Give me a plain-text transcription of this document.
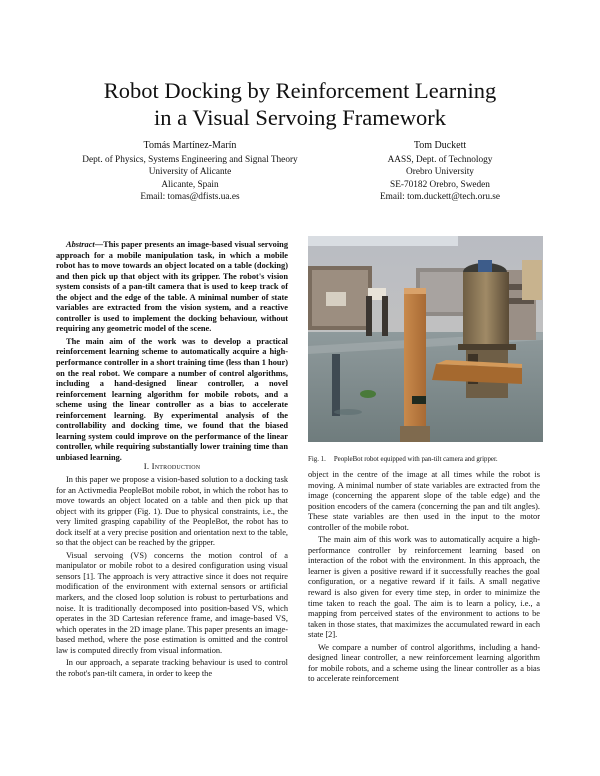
Robot Docking by Reinforcement Learning
in a Visual Servoing Framework
Tomás Martínez-Marín
Dept. of Physics, Systems Engineering and Signal Theory
University of Alicante
Alicante, Spain
Email: tomas@dfists.ua.es
Tom Duckett
AASS, Dept. of Technology
Orebro University
SE-70182 Orebro, Sweden
Email: tom.duckett@tech.oru.se

Abstract—This paper presents an image-based visual servoing approach for a mobile manipulation task, in which a mobile robot has to move towards an object located on a table (docking) and then pick up that object with its gripper. The robot's vision system consists of a pan-tilt camera that is used to keep track of the object and the edge of the table. A minimal number of state variables are extracted from the vision system, and a reactive controller is used to implement the docking behaviour, without requiring any geometric model of the scene.

The main aim of the work was to develop a practical reinforcement learning scheme to automatically acquire a high-performance controller in a short training time (less than 1 hour) on the real robot. We compare a number of control algorithms, including a hand-designed linear controller, a novel reinforcement learning algorithm for mobile robots, and a scheme using the linear controller as a bias to accelerate reinforcement learning. By experimental analysis of the controllability and docking time, we found that the biased learning system could improve on the performance of the linear controller, while requiring substantially lower training time than unbiased learning.	Fig. 1. PeopleBot robot equipped with pan-tilt camera and gripper.
I. Introduction

In this paper we propose a vision-based solution to a docking task for an Activmedia PeopleBot mobile robot, in which the robot has to move towards an object located on a table and then pick up that object with its gripper (Fig. 1). Due to physical constraints, i.e., the very limited grasping capability of the PeopleBot, the robot has to dock itself at a very precise position and orientation next to the table, so that the object can be reached by the gripper.

Visual servoing (VS) concerns the motion control of a manipulator or mobile robot to a desired configuration using visual sensors [1]. The approach is very attractive since it does not require modification of the environment with external sensors or artificial markers, and the closed loop solution is robust to perturbations and noise. It is traditionally decomposed into position-based VS, which operates in the 3D Cartesian reference frame, and image-based VS, which operates in the 2D image plane. This paper presents an image-based method, where the pose estimation is omitted and the control law is computed directly from visual information.

In our approach, a separate tracking behaviour is used to control the robot's pan-tilt camera, in order to keep the

object in the centre of the image at all times while the robot is moving. A minimal number of state variables are extracted from the image (concerning the apparent slope of the table edge) and the position encoders of the camera (concerning the pan and tilt angles). These state variables are then used in the input to the motor controller of the mobile robot.

The main aim of this work was to automatically acquire a high-performance controller by reinforcement learning based on interaction of the robot with the environment. In this approach, the learner is given a positive reward if it successfully reaches the goal configuration, or a negative reward if it fails. A small negative reward is also given for every time step, in order to minimize the time taken to reach the goal. The aim is to learn a policy, i.e., a mapping from perceived states of the environment to actions to be taken in those states, that maximizes the accumulated reward in each state [2].

We compare a number of control algorithms, including a hand-designed linear controller, a new reinforcement learning algorithm for mobile robots, and a scheme using the linear controller as a bias to accelerate reinforcement
